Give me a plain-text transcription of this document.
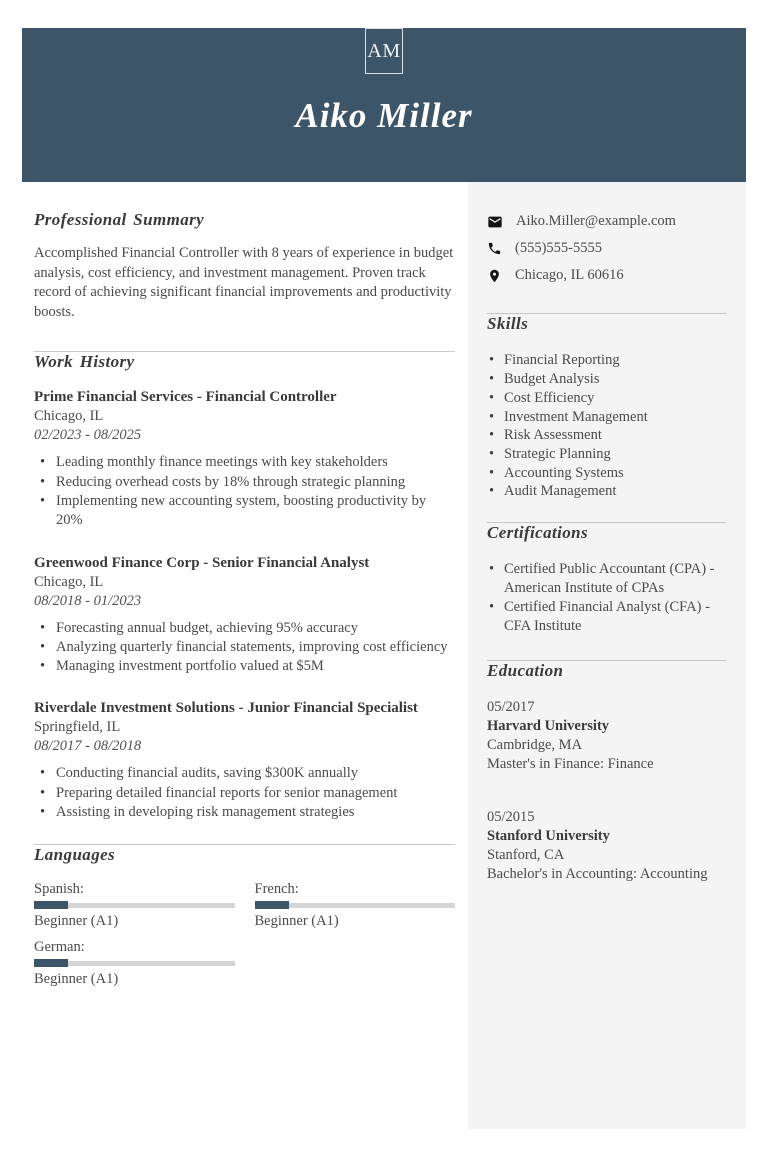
AM
Aiko Miller
Professional Summary

Accomplished Financial Controller with 8 years of experience in budget analysis, cost efficiency, and investment management. Proven track record of achieving significant financial improvements and productivity boosts.

Work History
Prime Financial Services - Financial Controller
Chicago, IL
02/2023 - 08/2025
• Leading monthly finance meetings with key stakeholders
• Reducing overhead costs by 18% through strategic planning
• Implementing new accounting system, boosting productivity by 20%
Greenwood Finance Corp - Senior Financial Analyst
Chicago, IL
08/2018 - 01/2023
• Forecasting annual budget, achieving 95% accuracy
• Analyzing quarterly financial statements, improving cost efficiency
• Managing investment portfolio valued at $5M
Riverdale Investment Solutions - Junior Financial Specialist
Springfield, IL
08/2017 - 08/2018
• Conducting financial audits, saving $300K annually
• Preparing detailed financial reports for senior management
• Assisting in developing risk management strategies
Languages
Spanish:
Beginner (A1)
French:
Beginner (A1)
German:
Beginner (A1)
Aiko.Miller@example.com
(555)555-5555
Chicago, IL 60616
Skills
• Financial Reporting
• Budget Analysis
• Cost Efficiency
• Investment Management
• Risk Assessment
• Strategic Planning
• Accounting Systems
• Audit Management
Certifications
• Certified Public Accountant (CPA) - American Institute of CPAs
• Certified Financial Analyst (CFA) - CFA Institute
Education
05/2017
Harvard University
Cambridge, MA
Master's in Finance: Finance
05/2015
Stanford University
Stanford, CA
Bachelor's in Accounting: Accounting
